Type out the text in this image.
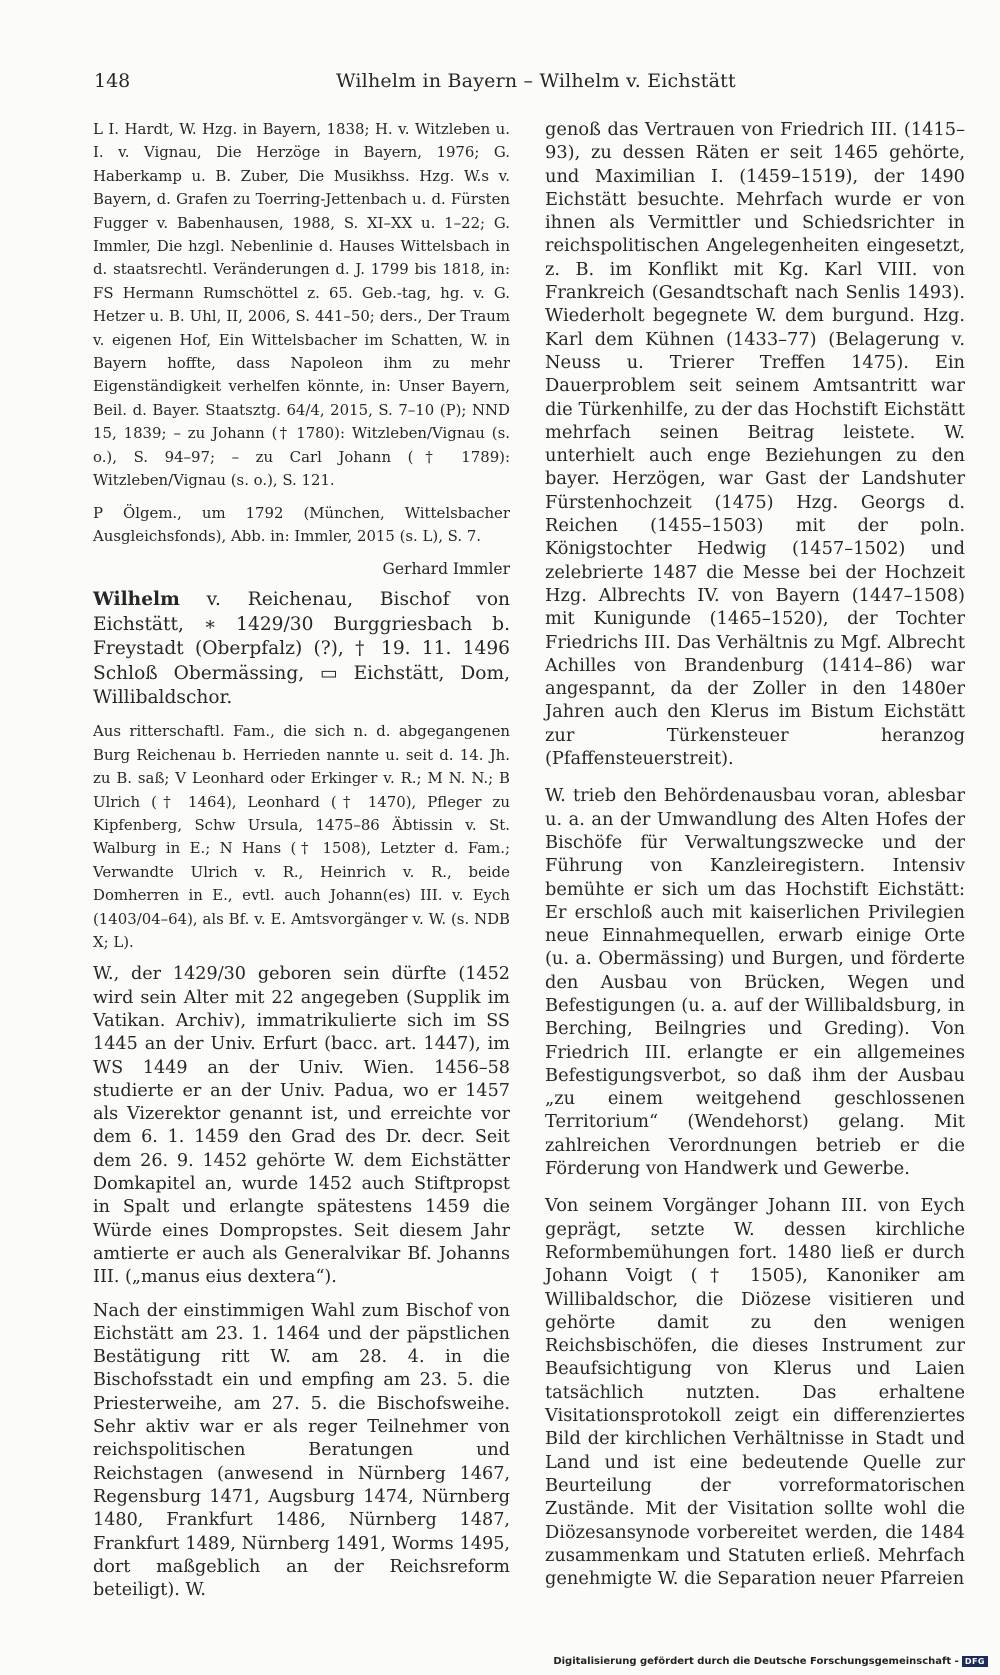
148	Wilhelm in Bayern – Wilhelm v. Eichstätt

L I. Hardt, W. Hzg. in Bayern, 1838; H. v. Witzleben u. I. v. Vignau, Die Herzöge in Bayern, 1976; G. Haberkamp u. B. Zuber, Die Musikhss. Hzg. W.s v. Bayern, d. Grafen zu Toerring-Jettenbach u. d. Fürsten Fugger v. Babenhausen, 1988, S. XI–XX u. 1–22; G. Immler, Die hzgl. Nebenlinie d. Hauses Wittelsbach in d. staatsrechtl. Veränderungen d. J. 1799 bis 1818, in: FS Hermann Rumschöttel z. 65. Geb.-tag, hg. v. G. Hetzer u. B. Uhl, II, 2006, S. 441–50; ders., Der Traum v. eigenen Hof, Ein Wittelsbacher im Schatten, W. in Bayern hoffte, dass Napoleon ihm zu mehr Eigenständigkeit verhelfen könnte, in: Unser Bayern, Beil. d. Bayer. Staatsztg. 64/4, 2015, S. 7–10 (P); NND 15, 1839; – zu Johann († 1780): Witzleben/Vignau (s. o.), S. 94–97; – zu Carl Johann († 1789): Witzleben/Vignau (s. o.), S. 121.

P Ölgem., um 1792 (München, Wittelsbacher Ausgleichsfonds), Abb. in: Immler, 2015 (s. L), S. 7.

Gerhard Immler

Wilhelm v. Reichenau, Bischof von Eichstätt, ∗ 1429/30 Burggriesbach b. Freystadt (Oberpfalz) (?), † 19. 11. 1496 Schloß Obermässing, ▭ Eichstätt, Dom, Willibaldschor.

Aus ritterschaftl. Fam., die sich n. d. abgegangenen Burg Reichenau b. Herrieden nannte u. seit d. 14. Jh. zu B. saß; V Leonhard oder Erkinger v. R.; M N. N.; B Ulrich († 1464), Leonhard († 1470), Pfleger zu Kipfenberg, Schw Ursula, 1475–86 Äbtissin v. St. Walburg in E.; N Hans († 1508), Letzter d. Fam.; Verwandte Ulrich v. R., Heinrich v. R., beide Domherren in E., evtl. auch Johann(es) III. v. Eych (1403/04–64), als Bf. v. E. Amtsvorgänger v. W. (s. NDB X; L).

W., der 1429/30 geboren sein dürfte (1452 wird sein Alter mit 22 angegeben (Supplik im Vatikan. Archiv), immatrikulierte sich im SS 1445 an der Univ. Erfurt (bacc. art. 1447), im WS 1449 an der Univ. Wien. 1456–58 studierte er an der Univ. Padua, wo er 1457 als Vizerektor genannt ist, und erreichte vor dem 6. 1. 1459 den Grad des Dr. decr. Seit dem 26. 9. 1452 gehörte W. dem Eichstätter Domkapitel an, wurde 1452 auch Stiftpropst in Spalt und erlangte spätestens 1459 die Würde eines Dompropstes. Seit diesem Jahr amtierte er auch als Generalvikar Bf. Johanns III. („manus eius dextera“).

Nach der einstimmigen Wahl zum Bischof von Eichstätt am 23. 1. 1464 und der päpstlichen Bestätigung ritt W. am 28. 4. in die Bischofsstadt ein und empfing am 23. 5. die Priesterweihe, am 27. 5. die Bischofsweihe. Sehr aktiv war er als reger Teilnehmer von reichspolitischen Beratungen und Reichstagen (anwesend in Nürnberg 1467, Regensburg 1471, Augsburg 1474, Nürnberg 1480, Frankfurt 1486, Nürnberg 1487, Frankfurt 1489, Nürnberg 1491, Worms 1495, dort maßgeblich an der Reichsreform beteiligt). W.

genoß das Vertrauen von Friedrich III. (1415–93), zu dessen Räten er seit 1465 gehörte, und Maximilian I. (1459–1519), der 1490 Eichstätt besuchte. Mehrfach wurde er von ihnen als Vermittler und Schiedsrichter in reichspolitischen Angelegenheiten eingesetzt, z. B. im Konflikt mit Kg. Karl VIII. von Frankreich (Gesandtschaft nach Senlis 1493). Wiederholt begegnete W. dem burgund. Hzg. Karl dem Kühnen (1433–77) (Belagerung v. Neuss u. Trierer Treffen 1475). Ein Dauerproblem seit seinem Amtsantritt war die Türkenhilfe, zu der das Hochstift Eichstätt mehrfach seinen Beitrag leistete. W. unterhielt auch enge Beziehungen zu den bayer. Herzögen, war Gast der Landshuter Fürstenhochzeit (1475) Hzg. Georgs d. Reichen (1455–1503) mit der poln. Königstochter Hedwig (1457–1502) und zelebrierte 1487 die Messe bei der Hochzeit Hzg. Albrechts IV. von Bayern (1447–1508) mit Kunigunde (1465–1520), der Tochter Friedrichs III. Das Verhältnis zu Mgf. Albrecht Achilles von Brandenburg (1414–86) war angespannt, da der Zoller in den 1480er Jahren auch den Klerus im Bistum Eichstätt zur Türkensteuer heranzog (Pfaffensteuerstreit).

W. trieb den Behördenausbau voran, ablesbar u. a. an der Umwandlung des Alten Hofes der Bischöfe für Verwaltungszwecke und der Führung von Kanzleiregistern. Intensiv bemühte er sich um das Hochstift Eichstätt: Er erschloß auch mit kaiserlichen Privilegien neue Einnahmequellen, erwarb einige Orte (u. a. Obermässing) und Burgen, und förderte den Ausbau von Brücken, Wegen und Befestigungen (u. a. auf der Willibaldsburg, in Berching, Beilngries und Greding). Von Friedrich III. erlangte er ein allgemeines Befestigungsverbot, so daß ihm der Ausbau „zu einem weitgehend geschlossenen Territorium“ (Wendehorst) gelang. Mit zahlreichen Verordnungen betrieb er die Förderung von Handwerk und Gewerbe.

Von seinem Vorgänger Johann III. von Eych geprägt, setzte W. dessen kirchliche Reformbemühungen fort. 1480 ließ er durch Johann Voigt († 1505), Kanoniker am Willibaldschor, die Diözese visitieren und gehörte damit zu den wenigen Reichsbischöfen, die dieses Instrument zur Beaufsichtigung von Klerus und Laien tatsächlich nutzten. Das erhaltene Visitationsprotokoll zeigt ein differenziertes Bild der kirchlichen Verhältnisse in Stadt und Land und ist eine bedeutende Quelle zur Beurteilung der vorreformatorischen Zustände. Mit der Visitation sollte wohl die Diözesansynode vorbereitet werden, die 1484 zusammenkam und Statuten erließ. Mehrfach genehmigte W. die Separation neuer Pfarreien

Digitalisierung gefördert durch die Deutsche Forschungsgemeinschaft - DFG
